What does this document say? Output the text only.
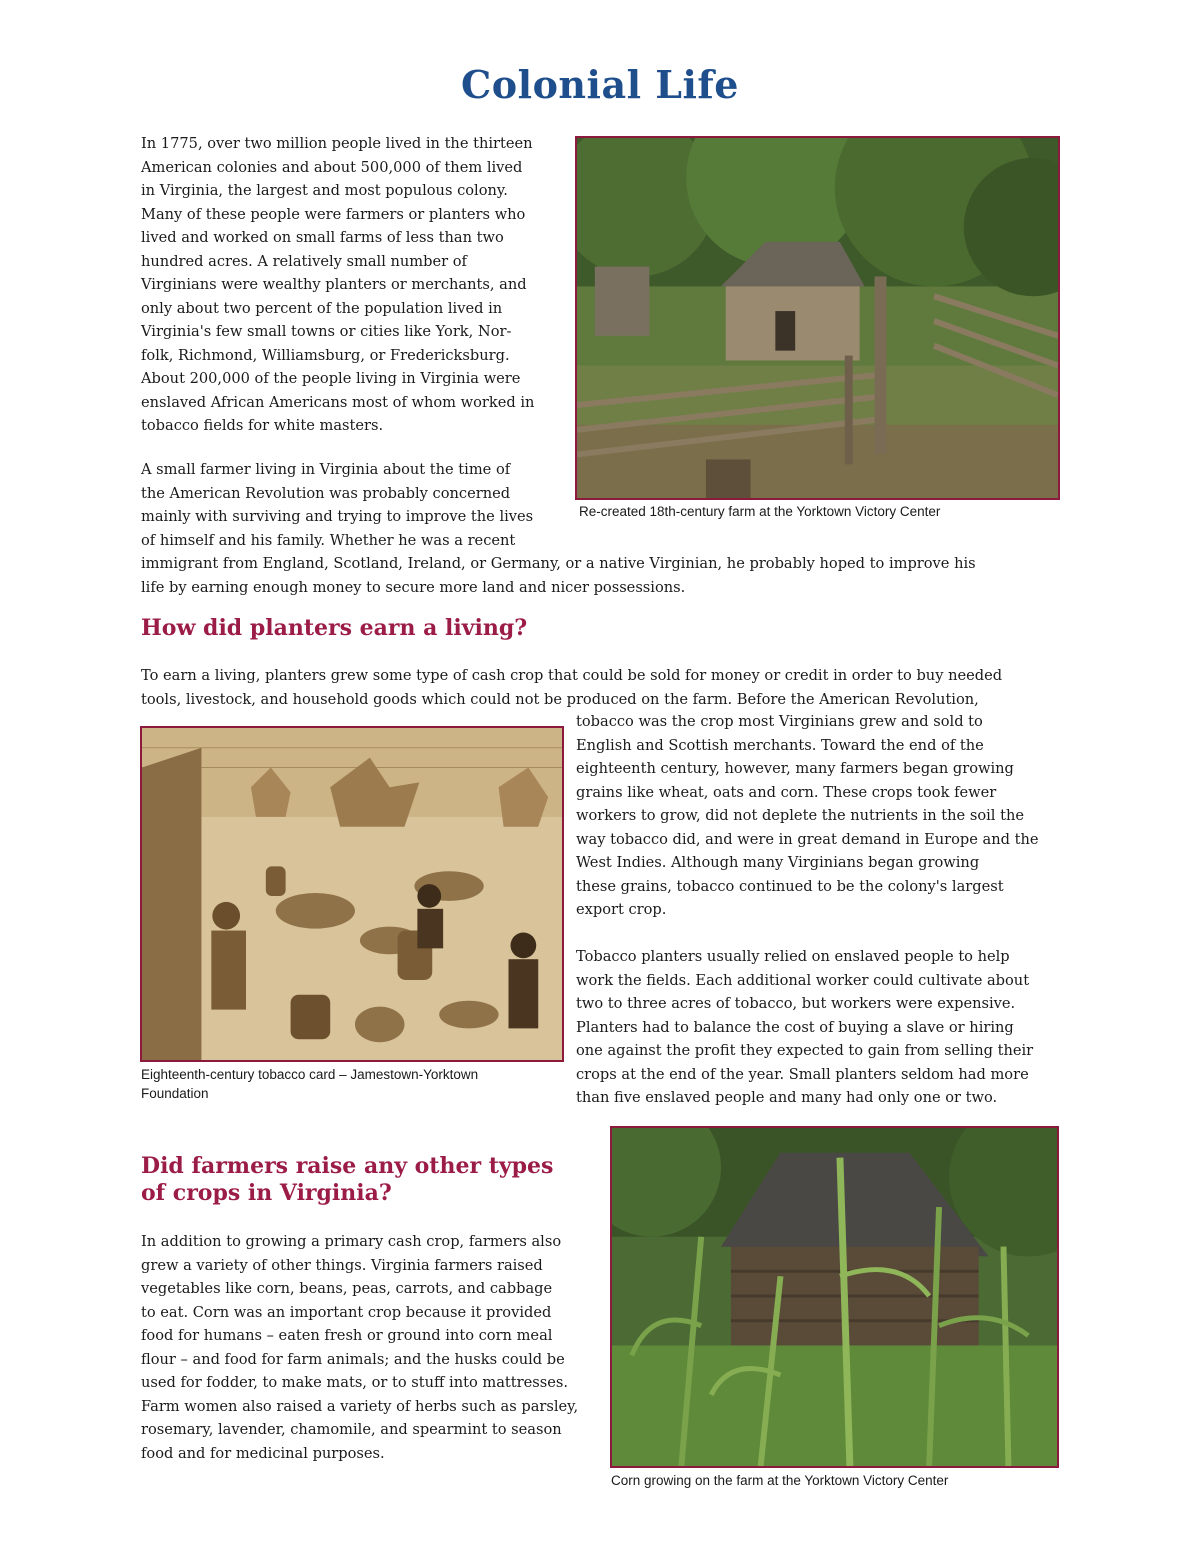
Colonial Life
In 1775, over two million people lived in the thirteen
American colonies and about 500,000 of them lived
in Virginia, the largest and most populous colony.
Many of these people were farmers or planters who
lived and worked on small farms of less than two
hundred acres. A relatively small number of
Virginians were wealthy planters or merchants, and
only about two percent of the population lived in
Virginia's few small towns or cities like York, Nor-
folk, Richmond, Williamsburg, or Fredericksburg.
About 200,000 of the people living in Virginia were
enslaved African Americans most of whom worked in
tobacco fields for white masters.
A small farmer living in Virginia about the time of
the American Revolution was probably concerned
mainly with surviving and trying to improve the lives
of himself and his family. Whether he was a recent
immigrant from England, Scotland, Ireland, or Germany, or a native Virginian, he probably hoped to improve his
life by earning enough money to secure more land and nicer possessions.
Re-created 18th-century farm at the Yorktown Victory Center
How did planters earn a living?
To earn a living, planters grew some type of cash crop that could be sold for money or credit in order to buy needed
tools, livestock, and household goods which could not be produced on the farm. Before the American Revolution,
Eighteenth-century tobacco card – Jamestown-Yorktown
Foundation
tobacco was the crop most Virginians grew and sold to
English and Scottish merchants. Toward the end of the
eighteenth century, however, many farmers began growing
grains like wheat, oats and corn. These crops took fewer
workers to grow, did not deplete the nutrients in the soil the
way tobacco did, and were in great demand in Europe and the
West Indies. Although many Virginians began growing
these grains, tobacco continued to be the colony's largest
export crop.
Tobacco planters usually relied on enslaved people to help
work the fields. Each additional worker could cultivate about
two to three acres of tobacco, but workers were expensive.
Planters had to balance the cost of buying a slave or hiring
one against the profit they expected to gain from selling their
crops at the end of the year. Small planters seldom had more
than five enslaved people and many had only one or two.
Did farmers raise any other types
of crops in Virginia?
In addition to growing a primary cash crop, farmers also
grew a variety of other things. Virginia farmers raised
vegetables like corn, beans, peas, carrots, and cabbage
to eat. Corn was an important crop because it provided
food for humans – eaten fresh or ground into corn meal
flour – and food for farm animals; and the husks could be
used for fodder, to make mats, or to stuff into mattresses.
Farm women also raised a variety of herbs such as parsley,
rosemary, lavender, chamomile, and spearmint to season
food and for medicinal purposes.
Corn growing on the farm at the Yorktown Victory Center
